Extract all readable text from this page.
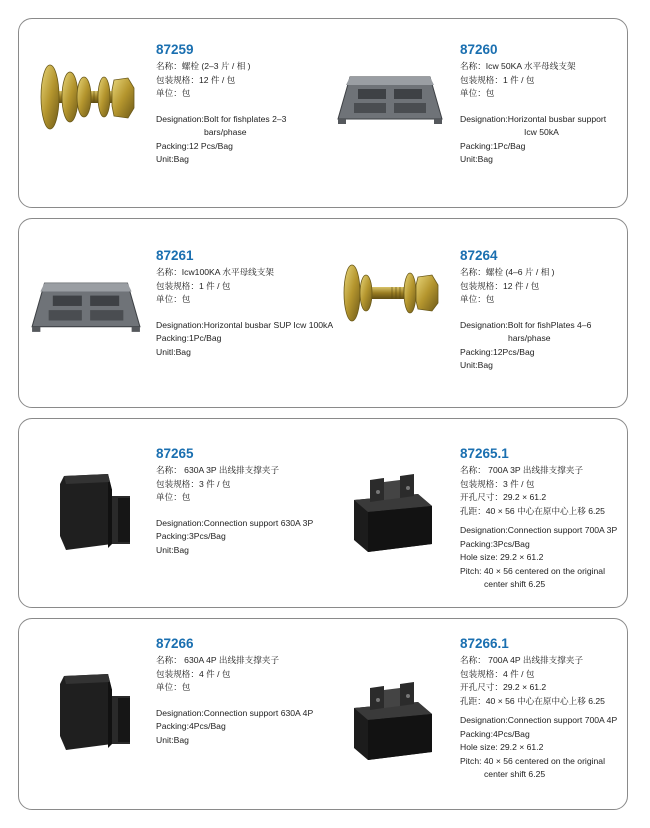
87259
名称：螺栓 (2–3 片 / 相 )
包装规格：12 件 / 包
单位：包
Designation:Bolt for fishplates 2–3
bars/phase
Packing:12 Pcs/Bag
Unit:Bag
87260
名称：Icw 50KA 水平母线支架
包装规格：1 件 / 包
单位：包
Designation:Horizontal busbar support
Icw 50kA
Packing:1Pc/Bag
Unit:Bag
87261
名称：Icw100KA 水平母线支架
包装规格：1 件 / 包
单位：包
Designation:Horizontal busbar SUP Icw 100kA
Packing:1Pc/Bag
Unitl:Bag
87264
名称：螺栓 (4–6 片 / 相 )
包装规格：12 件 / 包
单位：包
Designation:Bolt for fishPlates 4–6
hars/phase
Packing:12Pcs/Bag
Unit:Bag
87265
名称： 630A 3P 出线排支撑夹子
包装规格：3 件 / 包
单位：包
Designation:Connection support 630A 3P
Packing:3Pcs/Bag
Unit:Bag
87265.1
名称： 700A 3P 出线排支撑夹子
包装规格：3 件 / 包
开孔尺寸：29.2 × 61.2
孔距：40 × 56 中心在原中心上移 6.25
Designation:Connection support 700A 3P
Packing:3Pcs/Bag
Hole size: 29.2 × 61.2
Pitch: 40 × 56 centered on the original
center shift 6.25
87266
名称： 630A 4P 出线排支撑夹子
包装规格：4 件 / 包
单位：包
Designation:Connection support 630A 4P
Packing:4Pcs/Bag
Unit:Bag
87266.1
名称： 700A 4P 出线排支撑夹子
包装规格：4 件 / 包
开孔尺寸：29.2 × 61.2
孔距：40 × 56 中心在原中心上移 6.25
Designation:Connection support 700A 4P
Packing:4Pcs/Bag
Hole size: 29.2 × 61.2
Pitch: 40 × 56 centered on the original
center shift 6.25
